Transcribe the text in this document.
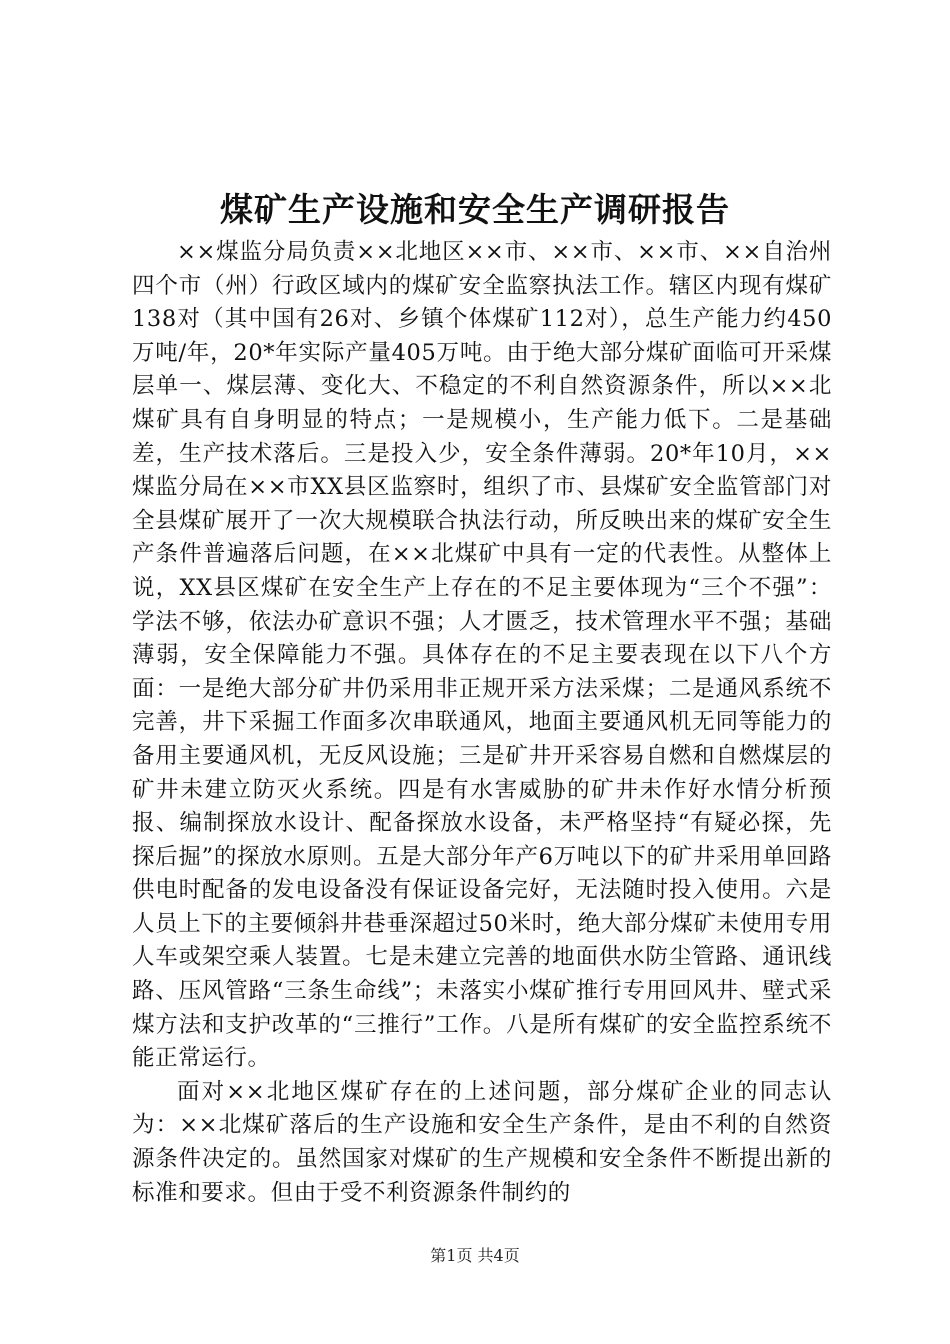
煤矿生产设施和安全生产调研报告

××煤监分局负责××北地区××市、××市、××市、××自治州四个市（州）行政区域内的煤矿安全监察执法工作。辖区内现有煤矿138对（其中国有26对、乡镇个体煤矿112对），总生产能力约450万吨/年，20*年实际产量405万吨。由于绝大部分煤矿面临可开采煤层单一、煤层薄、变化大、不稳定的不利自然资源条件，所以××北煤矿具有自身明显的特点；一是规模小，生产能力低下。二是基础差，生产技术落后。三是投入少，安全条件薄弱。20*年10月，××煤监分局在××市XX县区监察时，组织了市、县煤矿安全监管部门对全县煤矿展开了一次大规模联合执法行动，所反映出来的煤矿安全生产条件普遍落后问题，在××北煤矿中具有一定的代表性。从整体上说，XX县区煤矿在安全生产上存在的不足主要体现为“三个不强”：学法不够，依法办矿意识不强；人才匮乏，技术管理水平不强；基础薄弱，安全保障能力不强。具体存在的不足主要表现在以下八个方面：一是绝大部分矿井仍采用非正规开采方法采煤；二是通风系统不完善，井下采掘工作面多次串联通风，地面主要通风机无同等能力的备用主要通风机，无反风设施；三是矿井开采容易自燃和自燃煤层的矿井未建立防灭火系统。四是有水害威胁的矿井未作好水情分析预报、编制探放水设计、配备探放水设备，未严格坚持“有疑必探，先探后掘”的探放水原则。五是大部分年产6万吨以下的矿井采用单回路供电时配备的发电设备没有保证设备完好，无法随时投入使用。六是人员上下的主要倾斜井巷垂深超过50米时，绝大部分煤矿未使用专用人车或架空乘人装置。七是未建立完善的地面供水防尘管路、通讯线路、压风管路“三条生命线”；未落实小煤矿推行专用回风井、壁式采煤方法和支护改革的“三推行”工作。八是所有煤矿的安全监控系统不能正常运行。

面对××北地区煤矿存在的上述问题，部分煤矿企业的同志认为：××北煤矿落后的生产设施和安全生产条件，是由不利的自然资源条件决定的。虽然国家对煤矿的生产规模和安全条件不断提出新的标准和要求。但由于受不利资源条件制约的

第1页 共4页
